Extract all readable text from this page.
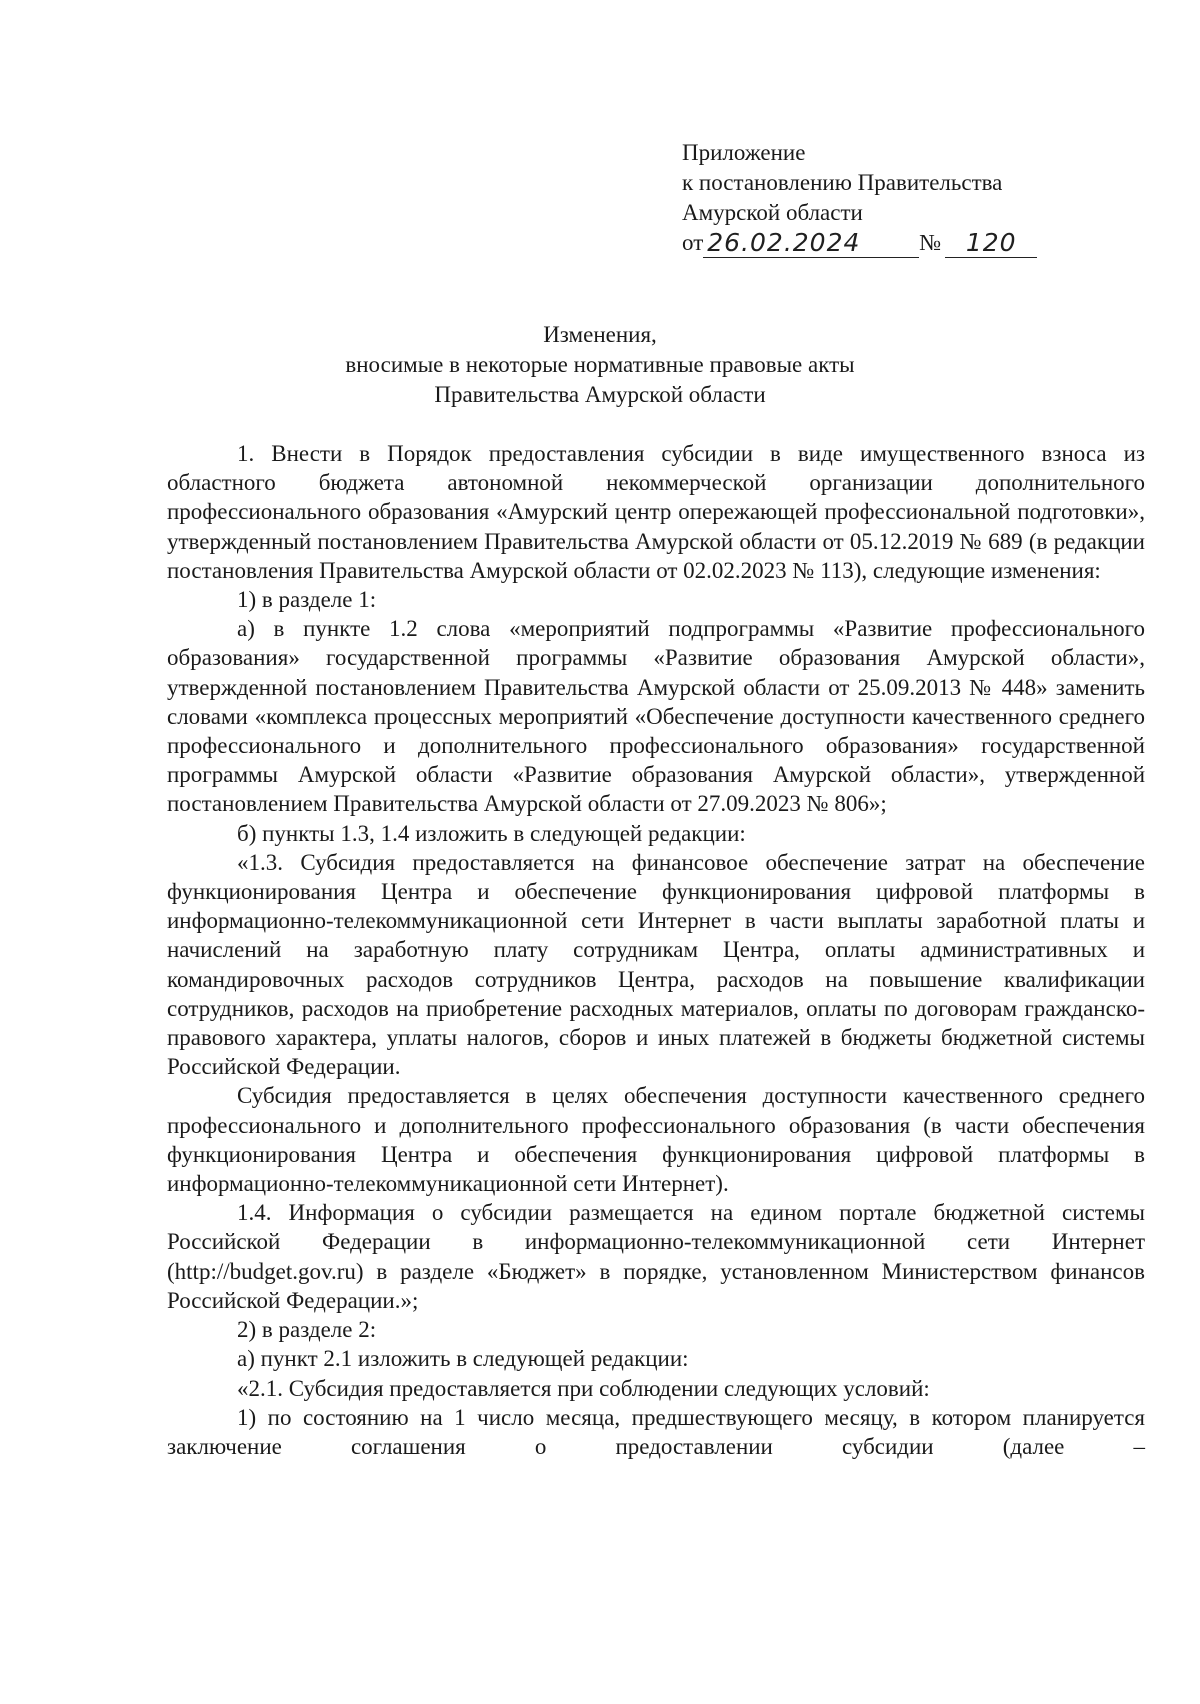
Приложение
к постановлению Правительства
Амурской области
от 26.02.2024	№ 120
Изменения,
вносимые в некоторые нормативные правовые акты
Правительства Амурской области

1. Внести в Порядок предоставления субсидии в виде имущественного взноса из областного бюджета автономной некоммерческой организации дополнительного профессионального образования «Амурский центр опережающей профессиональной подготовки», утвержденный постановлением Правительства Амурской области от 05.12.2019 № 689 (в редакции постановления Правительства Амурской области от 02.02.2023 № 113), следующие изменения:

1) в разделе 1:

а) в пункте 1.2 слова «мероприятий подпрограммы «Развитие профессионального образования» государственной программы «Развитие образования Амурской области», утвержденной постановлением Правительства Амурской области от 25.09.2013 № 448» заменить словами «комплекса процессных мероприятий «Обеспечение доступности качественного среднего профессионального и дополнительного профессионального образования» государственной программы Амурской области «Развитие образования Амурской области», утвержденной постановлением Правительства Амурской области от 27.09.2023 № 806»;

б) пункты 1.3, 1.4 изложить в следующей редакции:

«1.3. Субсидия предоставляется на финансовое обеспечение затрат на обеспечение функционирования Центра и обеспечение функционирования цифровой платформы в информационно-телекоммуникационной сети Интернет в части выплаты заработной платы и начислений на заработную плату сотрудникам Центра, оплаты административных и командировочных расходов сотрудников Центра, расходов на повышение квалификации сотрудников, расходов на приобретение расходных материалов, оплаты по договорам гражданско-правового характера, уплаты налогов, сборов и иных платежей в бюджеты бюджетной системы Российской Федерации.

Субсидия предоставляется в целях обеспечения доступности качественного среднего профессионального и дополнительного профессионального образования (в части обеспечения функционирования Центра и обеспечения функционирования цифровой платформы в информационно-телекоммуникационной сети Интернет).

1.4. Информация о субсидии размещается на едином портале бюджетной системы Российской Федерации в информационно-телекоммуникационной сети Интернет (http://budget.gov.ru) в разделе «Бюджет» в порядке, установленном Министерством финансов Российской Федерации.»;

2) в разделе 2:

а) пункт 2.1 изложить в следующей редакции:

«2.1. Субсидия предоставляется при соблюдении следующих условий:

1) по состоянию на 1 число месяца, предшествующего месяцу, в котором планируется заключение соглашения о предоставлении субсидии (далее –
